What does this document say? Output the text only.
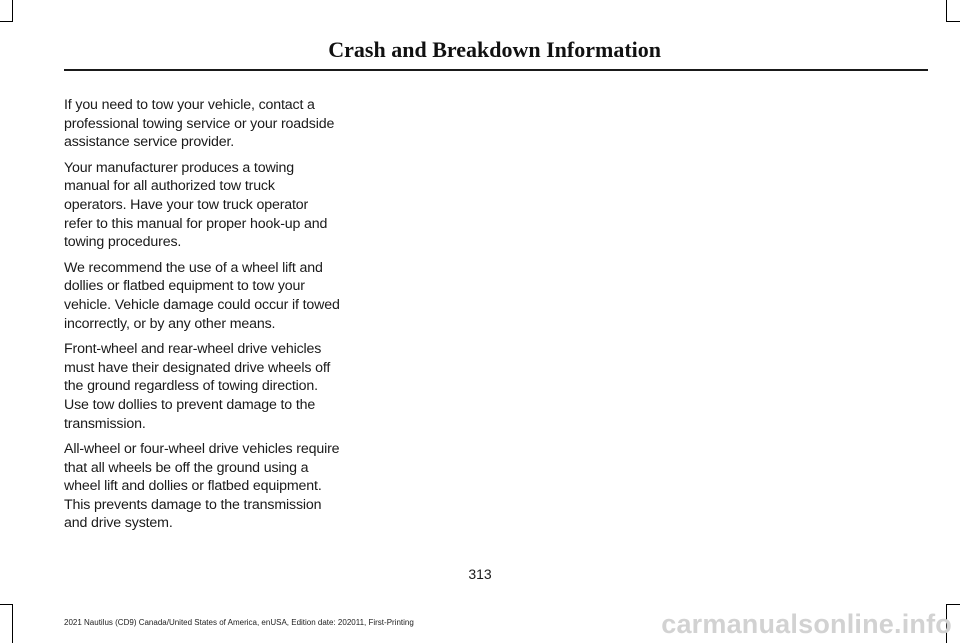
Crash and Breakdown Information

If you need to tow your vehicle, contact a professional towing service or your roadside assistance service provider.

Your manufacturer produces a towing manual for all authorized tow truck operators. Have your tow truck operator refer to this manual for proper hook-up and towing procedures.

We recommend the use of a wheel lift and dollies or flatbed equipment to tow your vehicle. Vehicle damage could occur if towed incorrectly, or by any other means.

Front-wheel and rear-wheel drive vehicles must have their designated drive wheels off the ground regardless of towing direction. Use tow dollies to prevent damage to the transmission.

All-wheel or four-wheel drive vehicles require that all wheels be off the ground using a wheel lift and dollies or flatbed equipment. This prevents damage to the transmission and drive system.

313
2021 Nautilus (CD9) Canada/United States of America, enUSA, Edition date: 202011, First-Printing	carmanualsonline.info
